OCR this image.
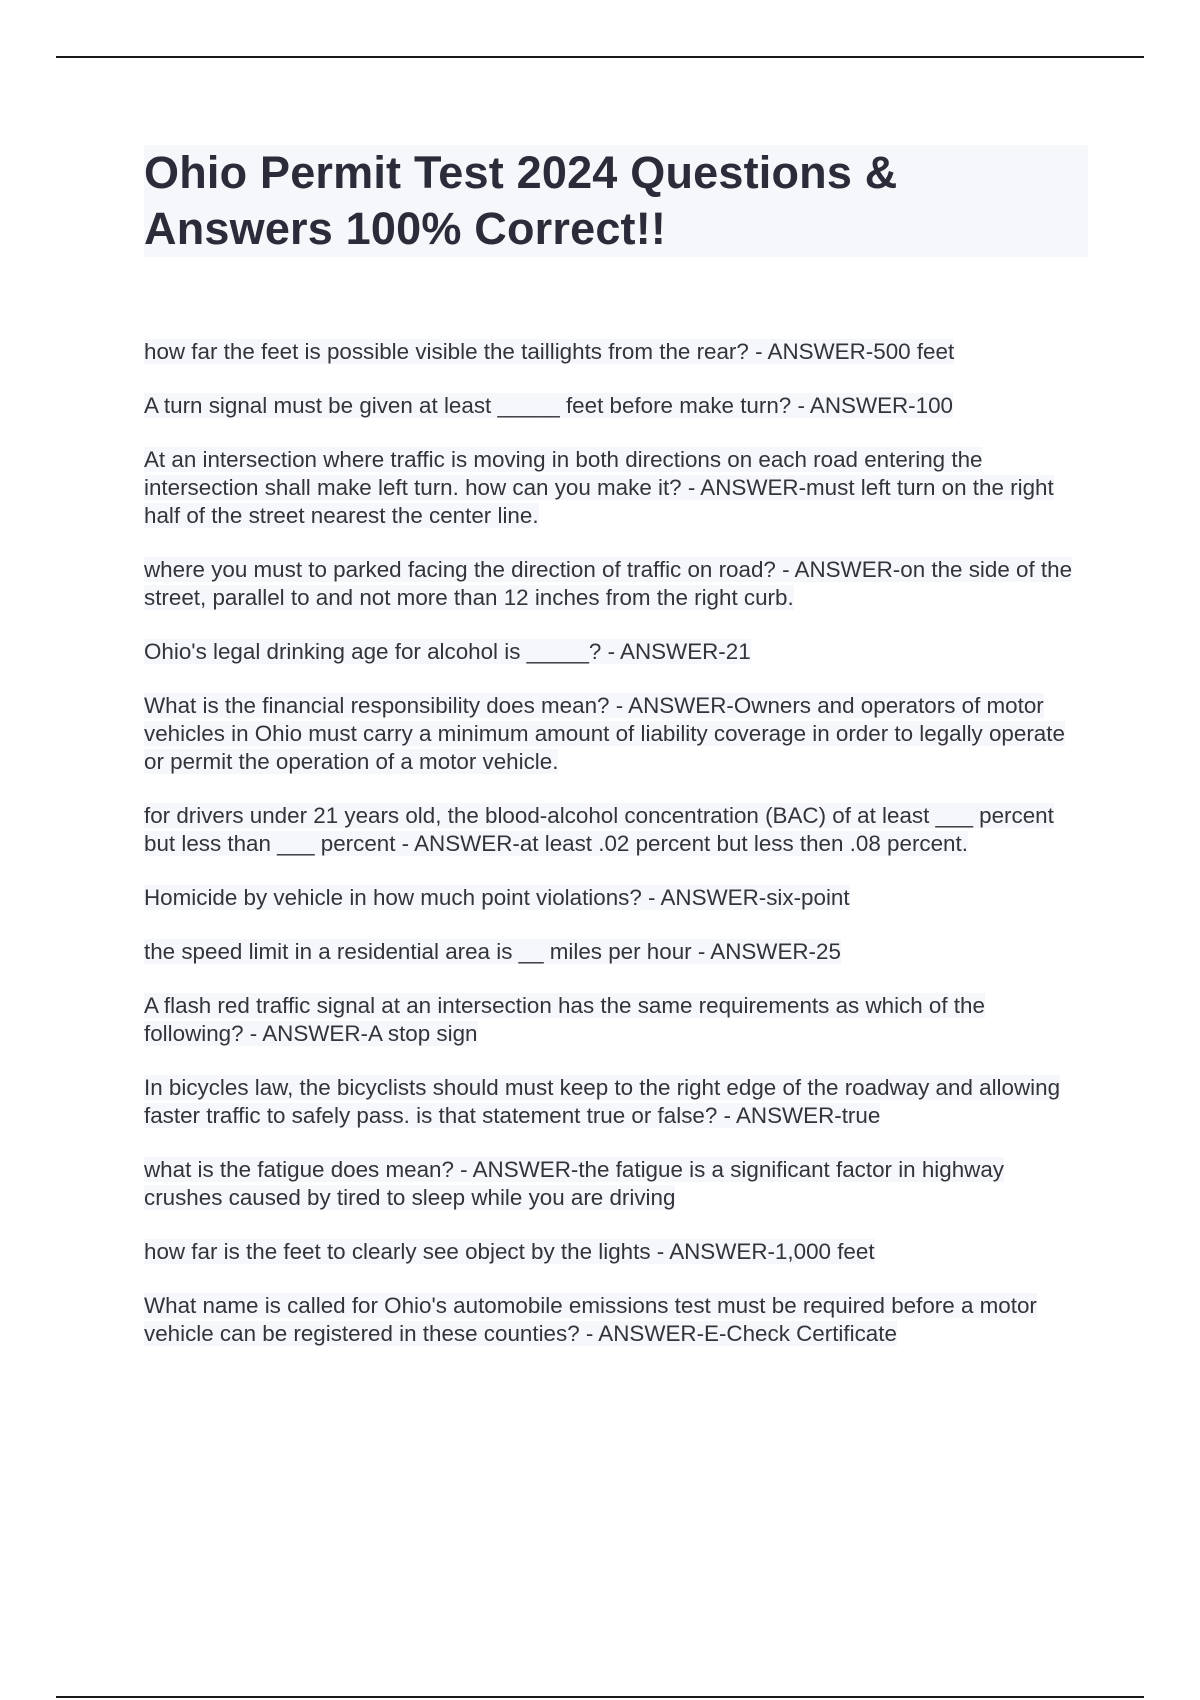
Ohio Permit Test 2024 Questions &
Answers 100% Correct!!
how far the feet is possible visible the taillights from the rear? - ANSWER-500 feet
A turn signal must be given at least _____ feet before make turn? - ANSWER-100
At an intersection where traffic is moving in both directions on each road entering the intersection shall make left turn. how can you make it? - ANSWER-must left turn on the right half of the street nearest the center line.
where you must to parked facing the direction of traffic on road? - ANSWER-on the side of the street, parallel to and not more than 12 inches from the right curb.
Ohio's legal drinking age for alcohol is _____? - ANSWER-21
What is the financial responsibility does mean? - ANSWER-Owners and operators of motor vehicles in Ohio must carry a minimum amount of liability coverage in order to legally operate or permit the operation of a motor vehicle.
for drivers under 21 years old, the blood-alcohol concentration (BAC) of at least ___ percent but less than ___ percent - ANSWER-at least .02 percent but less then .08 percent.
Homicide by vehicle in how much point violations? - ANSWER-six-point
the speed limit in a residential area is __ miles per hour - ANSWER-25
A flash red traffic signal at an intersection has the same requirements as which of the following? - ANSWER-A stop sign
In bicycles law, the bicyclists should must keep to the right edge of the roadway and allowing faster traffic to safely pass. is that statement true or false? - ANSWER-true
what is the fatigue does mean? - ANSWER-the fatigue is a significant factor in highway crushes caused by tired to sleep while you are driving
how far is the feet to clearly see object by the lights - ANSWER-1,000 feet
What name is called for Ohio's automobile emissions test must be required before a motor vehicle can be registered in these counties? - ANSWER-E-Check Certificate
